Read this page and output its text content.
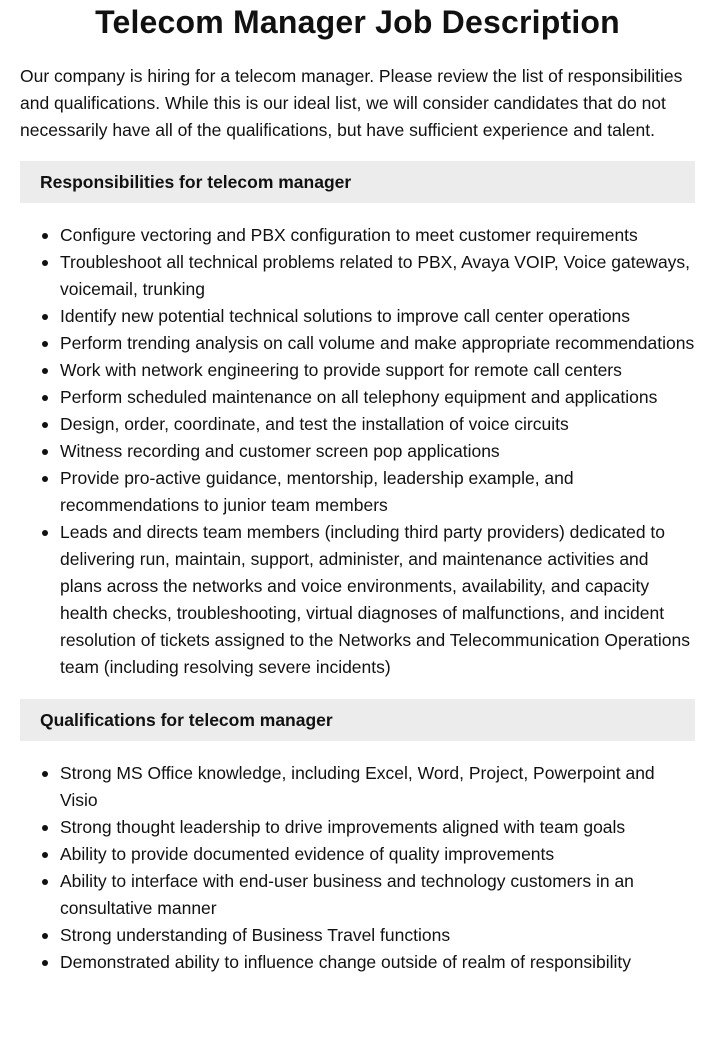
Telecom Manager Job Description

Our company is hiring for a telecom manager. Please review the list of responsibilities and qualifications. While this is our ideal list, we will consider candidates that do not necessarily have all of the qualifications, but have sufficient experience and talent.

Responsibilities for telecom manager
Configure vectoring and PBX configuration to meet customer requirements
Troubleshoot all technical problems related to PBX, Avaya VOIP, Voice gateways, voicemail, trunking
Identify new potential technical solutions to improve call center operations
Perform trending analysis on call volume and make appropriate recommendations
Work with network engineering to provide support for remote call centers
Perform scheduled maintenance on all telephony equipment and applications
Design, order, coordinate, and test the installation of voice circuits
Witness recording and customer screen pop applications
Provide pro-active guidance, mentorship, leadership example, and recommendations to junior team members
Leads and directs team members (including third party providers) dedicated to delivering run, maintain, support, administer, and maintenance activities and plans across the networks and voice environments, availability, and capacity health checks, troubleshooting, virtual diagnoses of malfunctions, and incident resolution of tickets assigned to the Networks and Telecommunication Operations team (including resolving severe incidents)
Qualifications for telecom manager
Strong MS Office knowledge, including Excel, Word, Project, Powerpoint and Visio
Strong thought leadership to drive improvements aligned with team goals
Ability to provide documented evidence of quality improvements
Ability to interface with end-user business and technology customers in an consultative manner
Strong understanding of Business Travel functions
Demonstrated ability to influence change outside of realm of responsibility
